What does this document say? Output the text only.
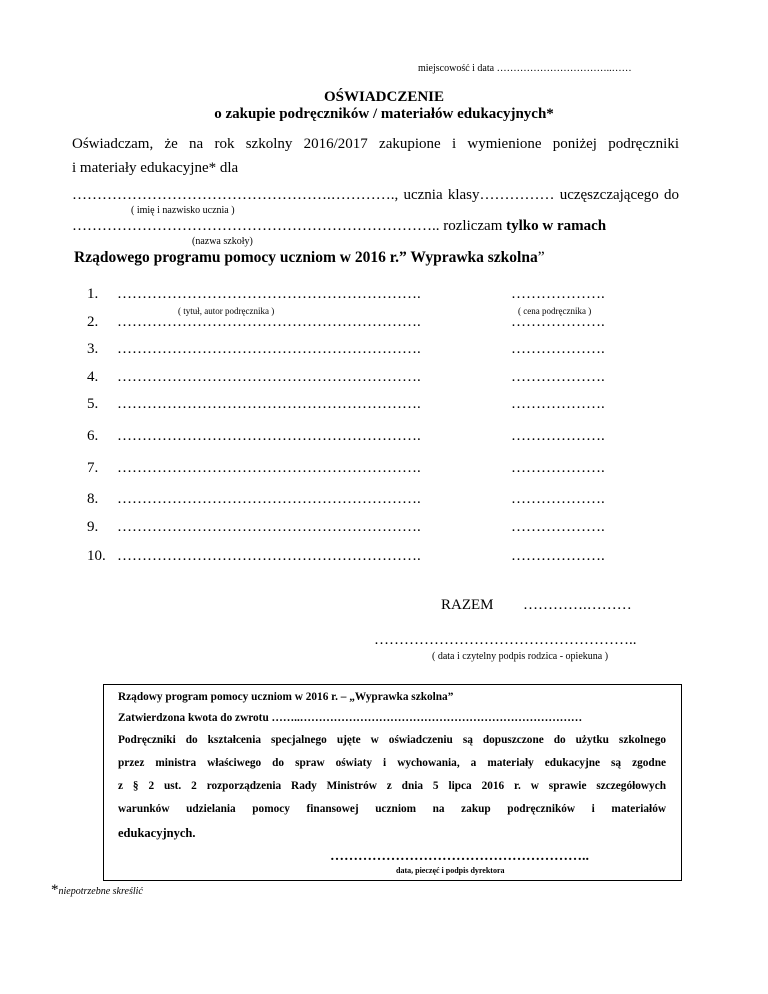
miejscowość i data ……………………………..……
OŚWIADCZENIE
o zakupie podręczników / materiałów edukacyjnych*
Oświadczam, że na rok szkolny 2016/2017 zakupione i wymienione poniżej podręczniki
i materiały edukacyjne* dla
…………………………………………….…………., ucznia klasy…………… uczęszczającego do
( imię i nazwisko ucznia )
……………………………………………………………….. rozliczam tylko w ramach
(nazwa szkoły)
Rządowego programu pomocy uczniom w 2016 r.” Wyprawka szkolna”
1. …………………………………………………….	……………….
2. …………………………………………………….	……………….
3. …………………………………………………….	……………….
4. …………………………………………………….	……………….
5. …………………………………………………….	……………….
6. …………………………………………………….	……………….
7. …………………………………………………….	……………….
8. …………………………………………………….	……………….
9. …………………………………………………….	……………….
10. …………………………………………………….	……………….
( tytuł, autor podręcznika )	( cena podręcznika )
RAZEM ………….………
……………………………………………..
( data i czytelny podpis rodzica - opiekuna )
Rządowy program pomocy uczniom w 2016 r. – „Wyprawka szkolna”
Zatwierdzona kwota do zwrotu ……..…………………………………………………………………
Podręczniki do kształcenia specjalnego ujęte w oświadczeniu są dopuszczone do użytku szkolnego
przez ministra właściwego do spraw oświaty i wychowania, a materiały edukacyjne są zgodne
z § 2 ust. 2 rozporządzenia Rady Ministrów z dnia 5 lipca 2016 r. w sprawie szczegółowych
warunków udzielania pomocy finansowej uczniom na zakup podręczników i materiałów
edukacyjnych.
………………………………………………..
data, pieczęć i podpis dyrektora
*niepotrzebne skreślić
